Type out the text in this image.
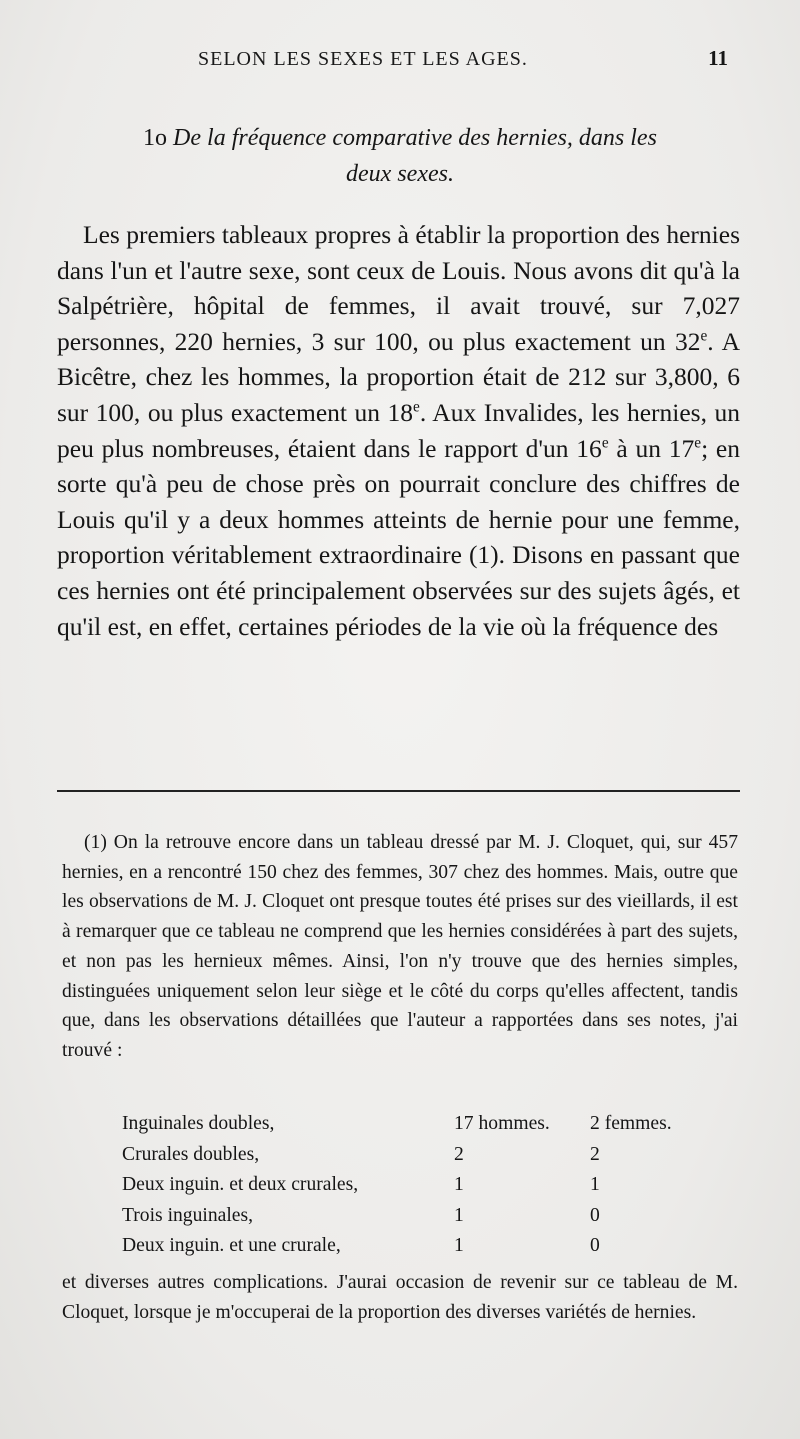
SELON LES SEXES ET LES AGES.	11
1o De la fréquence comparative des hernies, dans les
deux sexes.

Les premiers tableaux propres à établir la proportion des hernies dans l'un et l'autre sexe, sont ceux de Louis. Nous avons dit qu'à la Salpétrière, hôpital de femmes, il avait trouvé, sur 7,027 personnes, 220 hernies, 3 sur 100, ou plus exactement un 32e. A Bicêtre, chez les hommes, la proportion était de 212 sur 3,800, 6 sur 100, ou plus exactement un 18e. Aux Invalides, les hernies, un peu plus nombreuses, étaient dans le rapport d'un 16e à un 17e; en sorte qu'à peu de chose près on pourrait conclure des chiffres de Louis qu'il y a deux hommes atteints de hernie pour une femme, proportion véritablement extraordinaire (1). Disons en passant que ces hernies ont été principalement observées sur des sujets âgés, et qu'il est, en effet, certaines périodes de la vie où la fréquence des

(1) On la retrouve encore dans un tableau dressé par M. J. Cloquet, qui, sur 457 hernies, en a rencontré 150 chez des femmes, 307 chez des hommes. Mais, outre que les observations de M. J. Cloquet ont presque toutes été prises sur des vieillards, il est à remarquer que ce tableau ne comprend que les hernies considérées à part des sujets, et non pas les hernieux mêmes. Ainsi, l'on n'y trouve que des hernies simples, distinguées uniquement selon leur siège et le côté du corps qu'elles affectent, tandis que, dans les observations détaillées que l'auteur a rapportées dans ses notes, j'ai trouvé :

Inguinales doubles,	17 hommes.	2 femmes.
Crurales doubles,	2	2
Deux inguin. et deux crurales,	1	1
Trois inguinales,	1	0
Deux inguin. et une crurale,	1	0

et diverses autres complications. J'aurai occasion de revenir sur ce tableau de M. Cloquet, lorsque je m'occuperai de la proportion des diverses variétés de hernies.
